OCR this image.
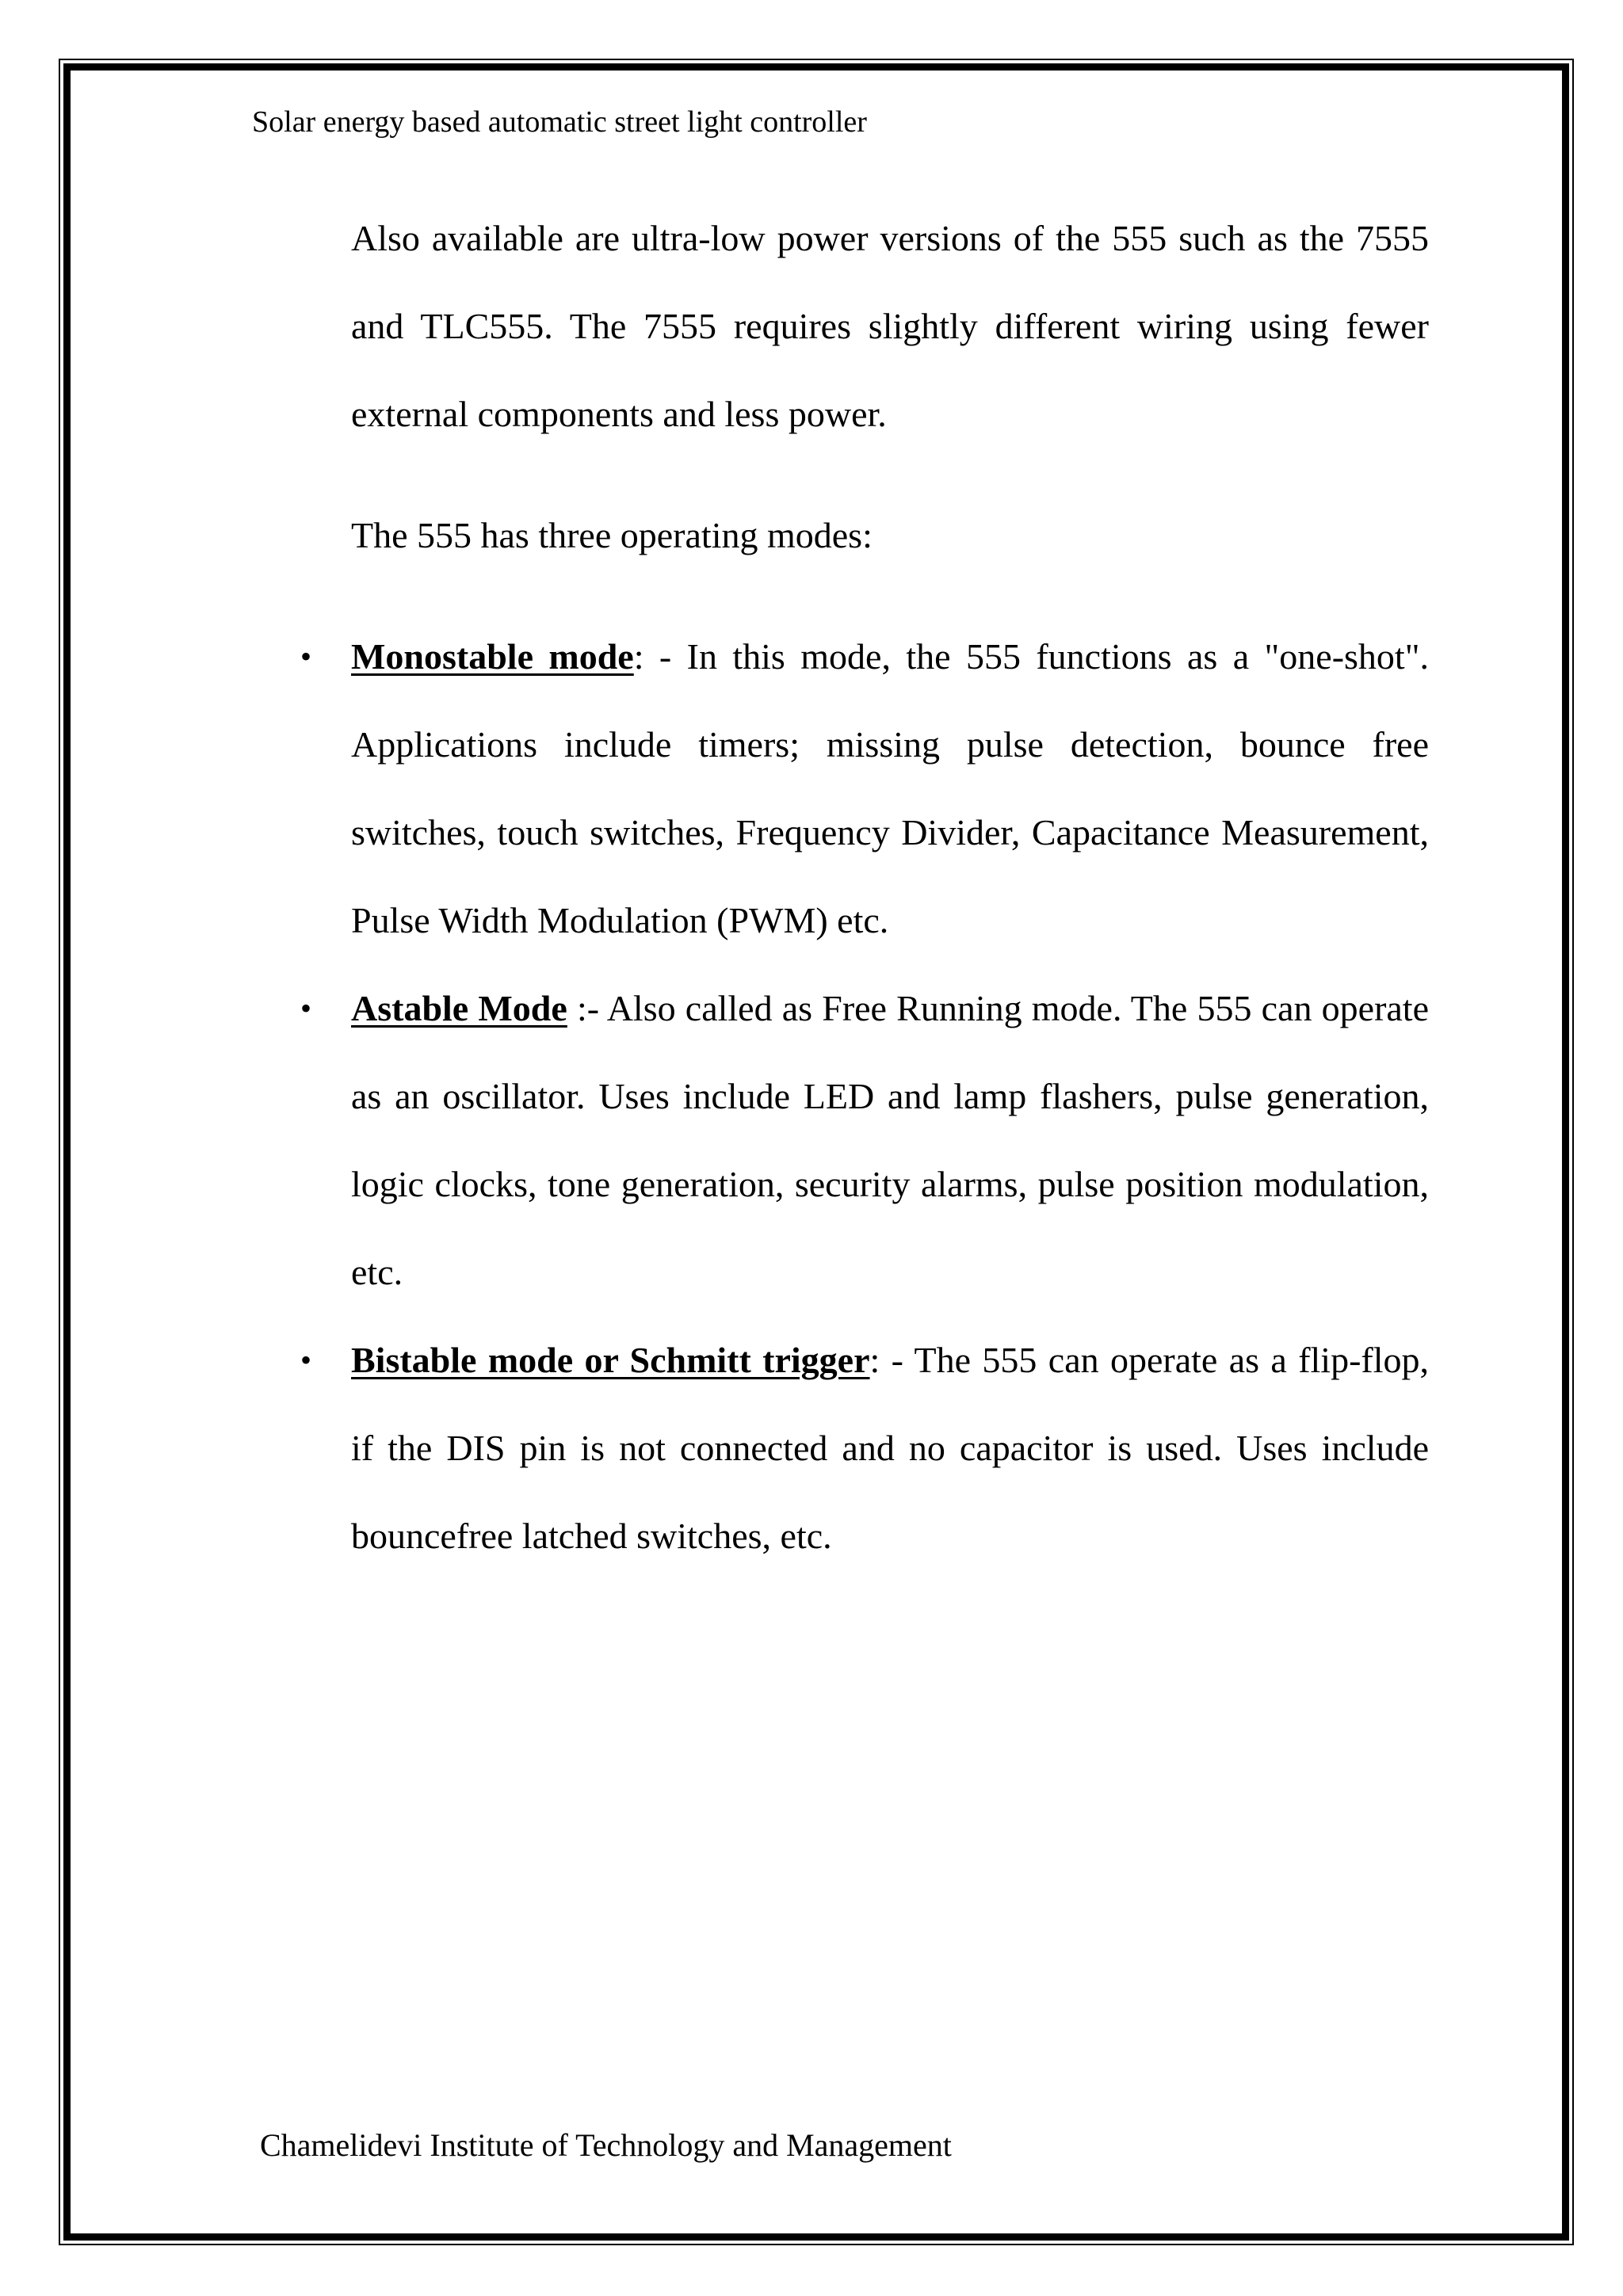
Solar energy based automatic street light controller

Also available are ultra-low power versions of the 555 such as the 7555 and TLC555. The 7555 requires slightly different wiring using fewer external components and less power.

The 555 has three operating modes:

• Monostable mode: - In this mode, the 555 functions as a "one-shot". Applications include timers; missing pulse detection, bounce free switches, touch switches, Frequency Divider, Capacitance Measurement, Pulse Width Modulation (PWM) etc.
• Astable Mode :- Also called as Free Running mode. The 555 can operate as an oscillator. Uses include LED and lamp flashers, pulse generation, logic clocks, tone generation, security alarms, pulse position modulation, etc.
• Bistable mode or Schmitt trigger: - The 555 can operate as a flip-flop, if the DIS pin is not connected and no capacitor is used. Uses include bouncefree latched switches, etc.
Chamelidevi Institute of Technology and Management
